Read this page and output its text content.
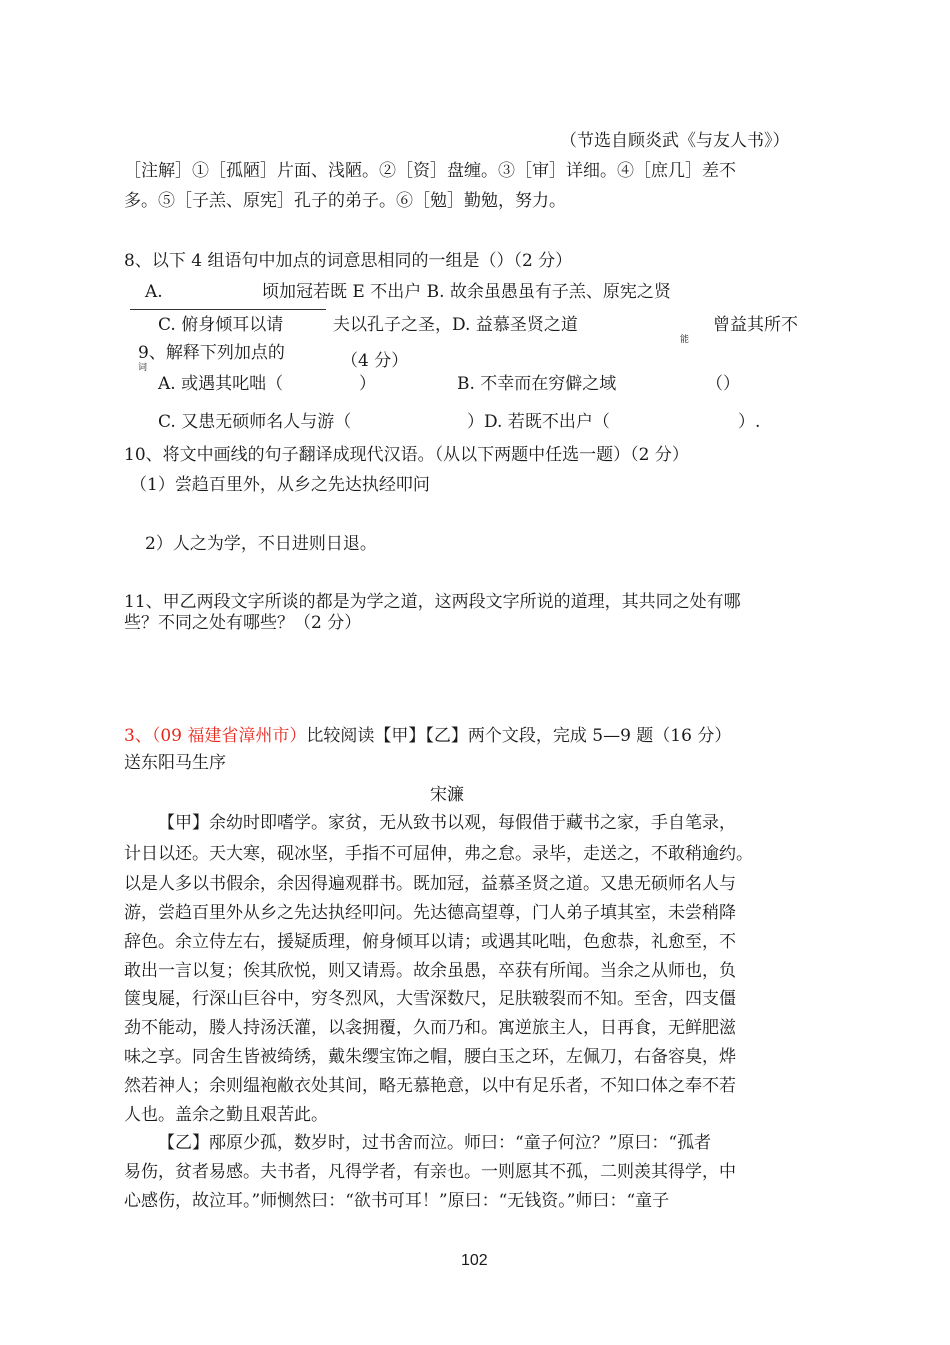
（节选自顾炎武《与友人书》）
［注解］①［孤陋］片面、浅陋。②［资］盘缠。③［审］详细。④［庶几］差不
多。⑤［子羔、原宪］孔子的弟子。⑥［勉］勤勉，努力。
8、以下 4 组语句中加点的词意思相同的一组是（）（2 分）
A.	顷加冠若既 E 不出户 B. 故余虽愚虽有子羔、原宪之贤
C. 俯身倾耳以请	夫以孔子之圣，D. 益慕圣贤之道	曾益其所不
能
9、解释下列加点的
词	（4 分）
A. 或遇其叱咄（	）	B. 不幸而在穷僻之域	（）
C. 又患无硕师名人与游（	）D. 若既不出户（	）.
10、将文中画线的句子翻译成现代汉语。（从以下两题中任选一题）（2 分）
（1）尝趋百里外，从乡之先达执经叩问
2）人之为学，不日进则日退。
11、甲乙两段文字所谈的都是为学之道，这两段文字所说的道理，其共同之处有哪
些？不同之处有哪些？（2 分）
3、（09 福建省漳州市）比较阅读【甲】【乙】两个文段，完成 5—9 题（16 分）
送东阳马生序
宋濂
【甲】余幼时即嗜学。家贫，无从致书以观，每假借于藏书之家，手自笔录，
计日以还。天大寒，砚冰坚，手指不可屈伸，弗之怠。录毕，走送之，不敢稍逾约。
以是人多以书假余，余因得遍观群书。既加冠，益慕圣贤之道。又患无硕师名人与
游，尝趋百里外从乡之先达执经叩问。先达德高望尊，门人弟子填其室，未尝稍降
辞色。余立侍左右，援疑质理，俯身倾耳以请；或遇其叱咄，色愈恭，礼愈至，不
敢出一言以复；俟其欣悦，则又请焉。故余虽愚，卒获有所闻。当余之从师也，负
箧曳屣，行深山巨谷中，穷冬烈风，大雪深数尺，足肤皲裂而不知。至舍，四支僵
劲不能动，媵人持汤沃灌，以衾拥覆，久而乃和。寓逆旅主人，日再食，无鲜肥滋
味之享。同舍生皆被绮绣，戴朱缨宝饰之帽，腰白玉之环，左佩刀，右备容臭，烨
然若神人；余则缊袍敝衣处其间，略无慕艳意，以中有足乐者，不知口体之奉不若
人也。盖余之勤且艰苦此。
【乙】邴原少孤，数岁时，过书舍而泣。师曰：“童子何泣？”原曰：“孤者
易伤，贫者易感。夫书者，凡得学者，有亲也。一则愿其不孤，二则羡其得学，中
心感伤，故泣耳。”师恻然曰：“欲书可耳！”原曰：“无钱资。”师曰：“童子
102
